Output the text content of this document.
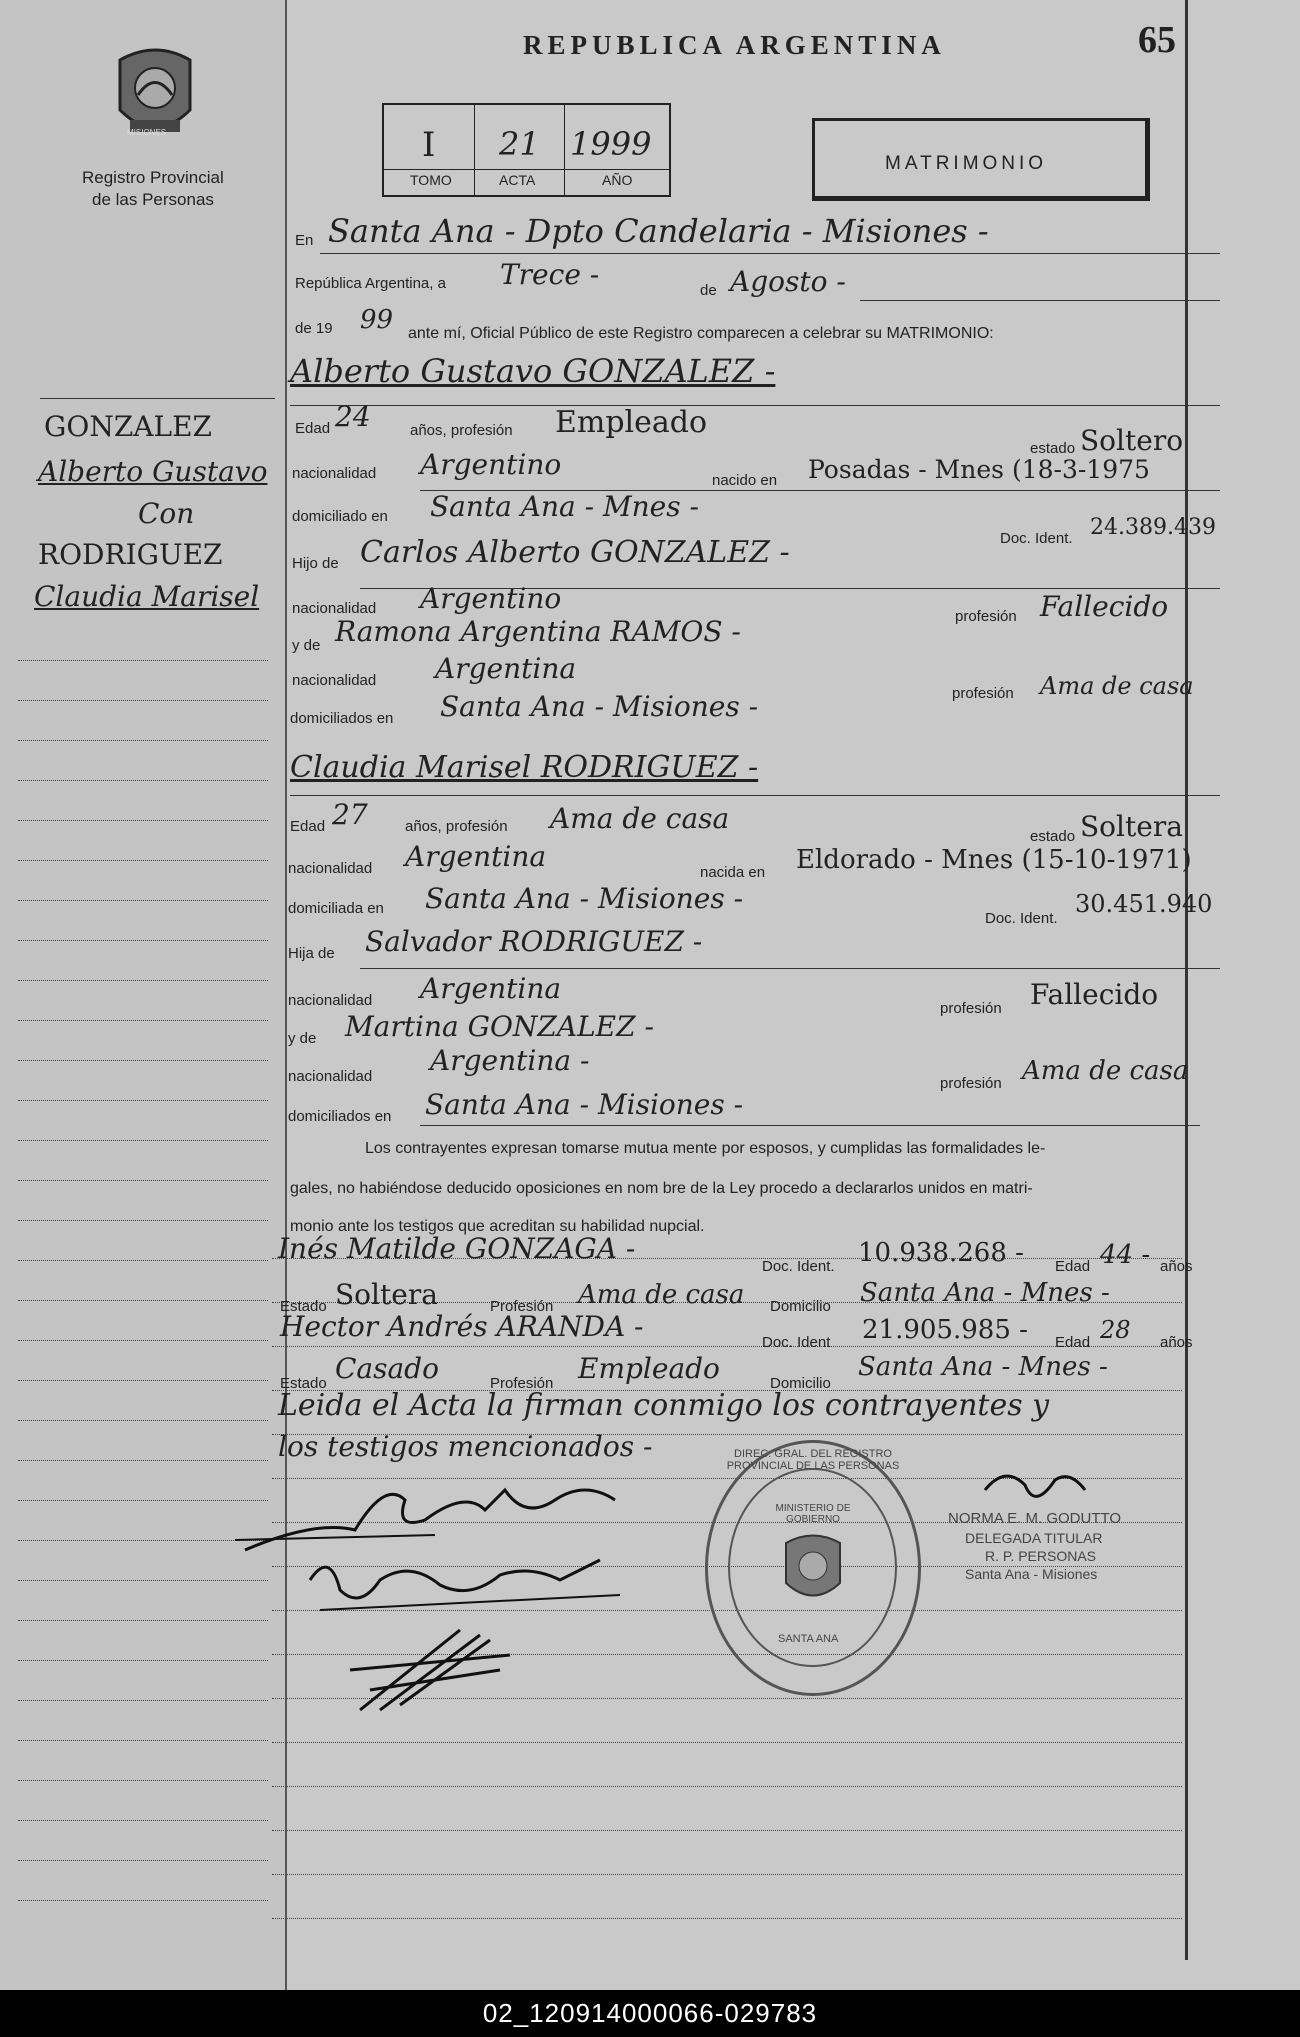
MISIONES
Registro Provincial
de las Personas
GONZALEZ
Alberto Gustavo
Con
RODRIGUEZ
Claudia Marisel
REPUBLICA ARGENTINA	65
I 21 1999
TOMO	ACTA	AÑO
MATRIMONIO
En Santa Ana - Dpto Candelaria - Misiones -
República Argentina, a Trece -	de Agosto -
de 19 99 ante mí, Oficial Público de este Registro comparecen a celebrar su MATRIMONIO:
Alberto Gustavo GONZALEZ -
Edad 24	años, profesión Empleado
estado Soltero
nacionalidad Argentino	nacido en Posadas - Mnes (18-3-1975
domiciliado en Santa Ana - Mnes -
Doc. Ident. 24.389.439
Hijo de Carlos Alberto GONZALEZ -
nacionalidad Argentino
profesión Fallecido
y de Ramona Argentina RAMOS -
nacionalidad Argentina
profesión Ama de casa
domiciliados en Santa Ana - Misiones -
Claudia Marisel RODRIGUEZ -
Edad 27 años, profesión Ama de casa
estado Soltera
nacionalidad Argentina	nacida en Eldorado - Mnes (15-10-1971)
domiciliada en Santa Ana - Misiones -
Doc. Ident.
30.451.940
Hija de Salvador RODRIGUEZ -
nacionalidad Argentina
profesión Fallecido
y de Martina GONZALEZ -
nacionalidad Argentina -
profesión Ama de casa
domiciliados en Santa Ana - Misiones -
Los contrayentes expresan tomarse mutua mente por esposos, y cumplidas las formalidades le-
gales, no habiéndose deducido oposiciones en nom bre de la Ley procedo a declararlos unidos en matri-
monio ante los testigos que acreditan su habilidad nupcial.
Inés Matilde GONZAGA -
Doc. Ident. 10.938.268 - Edad 44 - años
Estado Soltera	Profesión Ama de casa Domicilio Santa Ana - Mnes -
Hector Andrés ARANDA -	Doc. Ident 21.905.985 - Edad 28 años
Estado Casado	Profesión Empleado	Domicilio
Santa Ana - Mnes -
Leida el Acta la firman conmigo los contrayentes y
los testigos mencionados -
NORMA E. M. GODUTTO
DELEGADA TITULAR
R. P. PERSONAS
Santa Ana - Misiones
DIREC. GRAL. DEL REGISTRO PROVINCIAL DE LAS PERSONAS
MINISTERIO DE GOBIERNO
SANTA ANA
02_120914000066-029783
